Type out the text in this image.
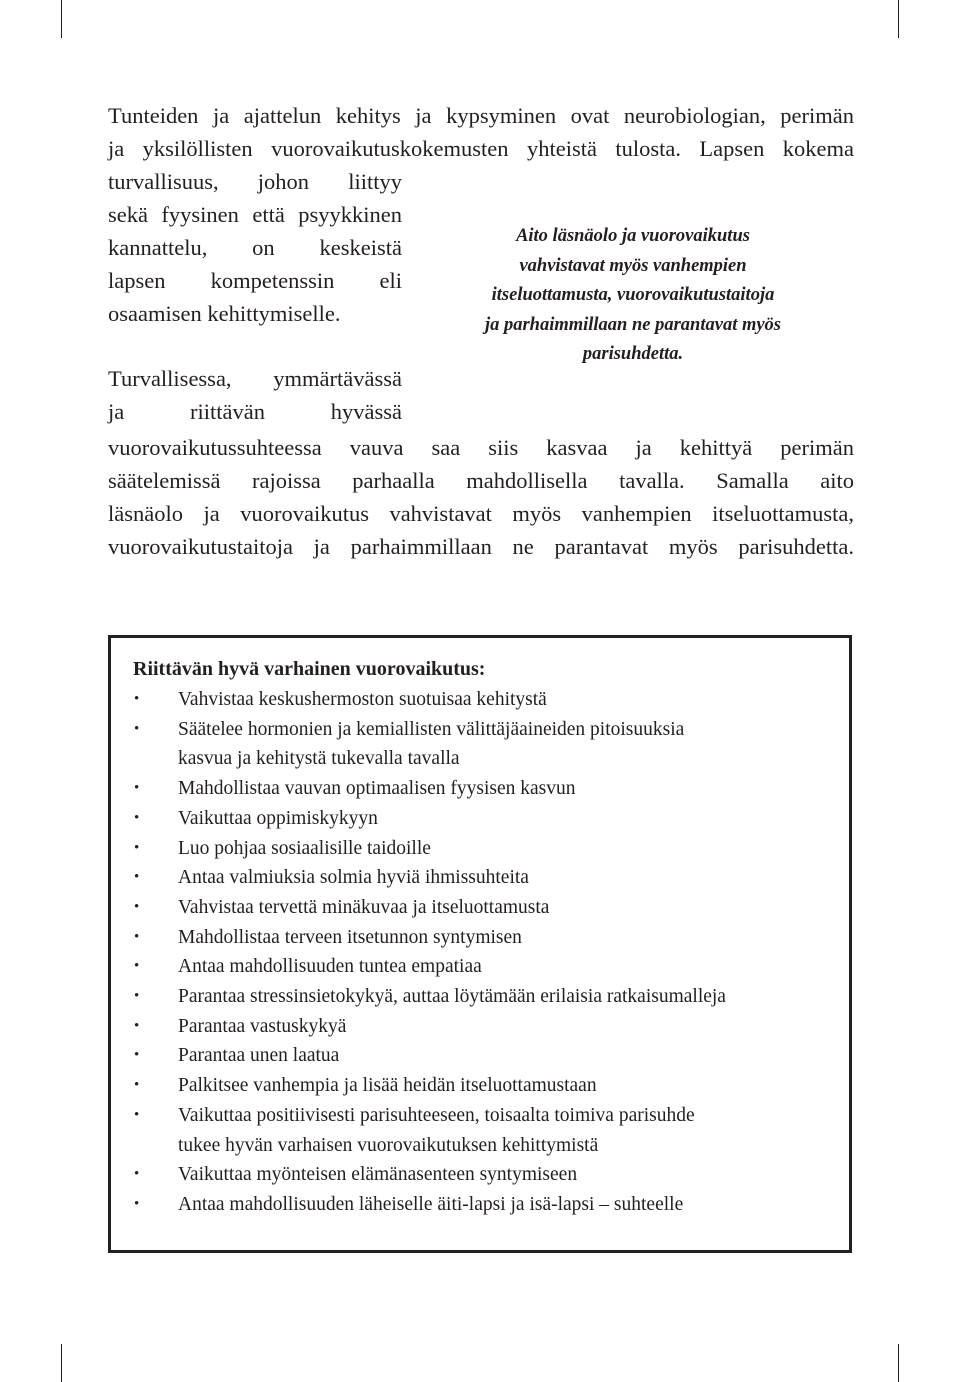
Tunteiden ja ajattelun kehitys ja kypsyminen ovat neurobiologian, perimän
ja yksilöllisten vuorovaikutuskokemusten yhteistä tulosta. Lapsen kokema
turvallisuus, johon liittyy
sekä fyysinen että psyykkinen
kannattelu, on keskeistä
lapsen kompetenssin eli
osaamisen kehittymiselle.
Aito läsnäolo ja vuorovaikutus
vahvistavat myös vanhempien
itseluottamusta, vuorovaikutustaitoja
ja parhaimmillaan ne parantavat myös
parisuhdetta.
Turvallisessa, ymmärtävässä
ja riittävän hyvässä
vuorovaikutussuhteessa vauva saa siis kasvaa ja kehittyä perimän
säätelemissä rajoissa parhaalla mahdollisella tavalla. Samalla aito
läsnäolo ja vuorovaikutus vahvistavat myös vanhempien itseluottamusta,
vuorovaikutustaitoja ja parhaimmillaan ne parantavat myös parisuhdetta.
Riittävän hyvä varhainen vuorovaikutus:
•	Vahvistaa keskushermoston suotuisaa kehitystä
•	Säätelee hormonien ja kemiallisten välittäjäaineiden pitoisuuksia
kasvua ja kehitystä tukevalla tavalla
•	Mahdollistaa vauvan optimaalisen fyysisen kasvun
•	Vaikuttaa oppimiskykyyn
•	Luo pohjaa sosiaalisille taidoille
•	Antaa valmiuksia solmia hyviä ihmissuhteita
•	Vahvistaa tervettä minäkuvaa ja itseluottamusta
•	Mahdollistaa terveen itsetunnon syntymisen
•	Antaa mahdollisuuden tuntea empatiaa
•	Parantaa stressinsietokykyä, auttaa löytämään erilaisia ratkaisumalleja
•	Parantaa vastuskykyä
•	Parantaa unen laatua
•	Palkitsee vanhempia ja lisää heidän itseluottamustaan
•	Vaikuttaa positiivisesti parisuhteeseen, toisaalta toimiva parisuhde
tukee hyvän varhaisen vuorovaikutuksen kehittymistä
•	Vaikuttaa myönteisen elämänasenteen syntymiseen
•	Antaa mahdollisuuden läheiselle äiti-lapsi ja isä-lapsi – suhteelle
